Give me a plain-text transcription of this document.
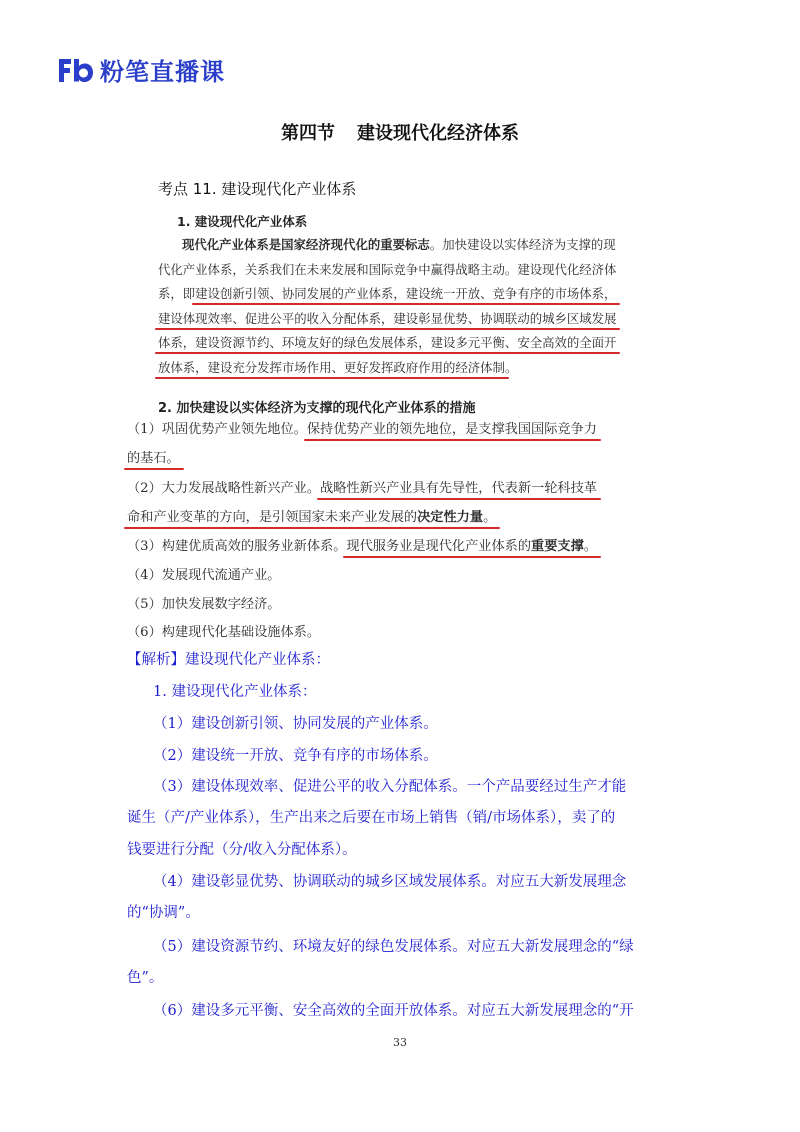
粉笔直播课
第四节 建设现代化经济体系
考点 11. 建设现代化产业体系
1. 建设现代化产业体系
现代化产业体系是国家经济现代化的重要标志。加快建设以实体经济为支撑的现
代化产业体系，关系我们在未来发展和国际竞争中赢得战略主动。建设现代化经济体
系，即建设创新引领、协同发展的产业体系，建设统一开放、竞争有序的市场体系，
建设体现效率、促进公平的收入分配体系，建设彰显优势、协调联动的城乡区域发展
体系，建设资源节约、环境友好的绿色发展体系，建设多元平衡、安全高效的全面开
放体系，建设充分发挥市场作用、更好发挥政府作用的经济体制。
2. 加快建设以实体经济为支撑的现代化产业体系的措施
（1）巩固优势产业领先地位。保持优势产业的领先地位，是支撑我国国际竞争力
的基石。
（2）大力发展战略性新兴产业。战略性新兴产业具有先导性，代表新一轮科技革
命和产业变革的方向，是引领国家未来产业发展的决定性力量。
（3）构建优质高效的服务业新体系。现代服务业是现代化产业体系的重要支撑。
（4）发展现代流通产业。
（5）加快发展数字经济。
（6）构建现代化基础设施体系。
【解析】建设现代化产业体系：
1. 建设现代化产业体系：
（1）建设创新引领、协同发展的产业体系。
（2）建设统一开放、竞争有序的市场体系。
（3）建设体现效率、促进公平的收入分配体系。一个产品要经过生产才能
诞生（产/产业体系），生产出来之后要在市场上销售（销/市场体系），卖了的
钱要进行分配（分/收入分配体系）。
（4）建设彰显优势、协调联动的城乡区域发展体系。对应五大新发展理念
的“协调”。
（5）建设资源节约、环境友好的绿色发展体系。对应五大新发展理念的“绿
色”。
（6）建设多元平衡、安全高效的全面开放体系。对应五大新发展理念的“开
33
